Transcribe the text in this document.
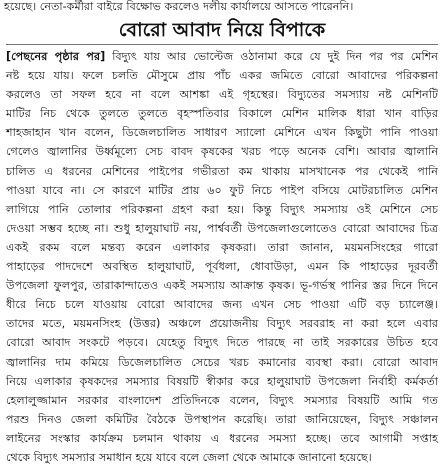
হয়েছে। নেতা-কর্মীরা বাইরে বিক্ষোভ করলেও দলীয় কার্যালয়ে আসতে পারেননি।
বোরো আবাদ নিয়ে বিপাকে
[পেছনের পৃষ্ঠার পর] বিদ্যুৎ যায় আর ভোল্টেজ ওঠানামা করে যে দুই দিন পর পর মেশিন
নষ্ট হয়ে যায়। ফলে চলতি মৌসুমে প্রায় পাঁচ একর জমিতে বোরো আবাদের পরিকল্পনা
করলেও তা সফল হবে না বলে আশঙ্কা এই গৃহস্থের। বিদ্যুতের সমস্যায় নষ্ট মেশিনটি
মাটির নিচ থেকে তুলতে তুলতে বৃহস্পতিবার বিকালে মেশিন মালিক ধারা খান বাড়ির
শাহজাহান খান বলেন, ডিজেলচালিত সাধারণ স্যালো মেশিনে এখন কিছুটা পানি পাওয়া
গেলেও জ্বালানির উর্ধ্বমূল্যে সেচ বাবদ কৃষকের খরচ পড়ে অনেক বেশি। আবার জ্বালানি
চালিত এ ধরনের মেশিনের পাইপের গভীরতা কম থাকায় মাসখানেক পর থেকেই পানি
পাওয়া যাবে না। সে কারণে মাটির প্রায় ৬০ ফুট নিচে পাইপ বসিয়ে মোটরচালিত মেশিন
লাগিয়ে পানি তোলার পরিকল্পনা গ্রহণ করা হয়। কিন্তু বিদ্যুৎ সমস্যায় ওই মেশিনে সেচ
দেওয়া সম্ভব হচ্ছে না। শুধু হালুয়াঘাট নয়, পার্শ্ববর্তী উপজেলাগুলোতেও বোরো আবাদের চিত্র
একই রকম বলে মন্তব্য করেন এলাকার কৃষকরা। তারা জানান, ময়মনসিংহের গারো
পাহাড়ের পাদদেশে অবস্থিত হালুয়াঘাট, পূর্বধলা, ধোবাউড়া, এমন কি পাহাড়ের দূরবর্তী
উপজেলা ফুলপুর, তারাকান্দাতেও একই সমস্যায় আক্রান্ত কৃষক। ভূ-গর্ভস্থ পানির স্তর দিনে দিনে
ধীরে নিচে চলে যাওয়ায় বোরো আবাদের জন্য এখন সেচ পাওয়া এটি বড় চ্যালেঞ্জ।
তাদের মতে, ময়মনসিংহ (উত্তর) অঞ্চলে প্রয়োজনীয় বিদ্যুৎ সরবরাহ না করা হলে এবার
বোরো আবাদ সংকটে পড়বে। যেহেতু বিদ্যুৎ দিতে পারছে না তাই সরকারের উচিত হবে
জ্বালানির দাম কমিয়ে ডিজেলচালিত সেচের খরচ কমানোর ব্যবস্থা করা। বোরো আবাদ
নিয়ে এলাকার কৃষকদের সমস্যার বিষয়টি স্বীকার করে হালুয়াঘাট উপজেলা নির্বাহী কর্মকর্তা
হেলালুজ্জামান সরকার বাংলাদেশ প্রতিদিনকে বলেন, বিদ্যুৎ সমস্যার বিষয়টি আমি গত
পরশু দিনও জেলা কমিটির বৈঠকে উপস্থাপন করেছি। তারা জানিয়েছেন, বিদ্যুৎ সঞ্চালন
লাইনের সংস্কার কার্যক্রম চলমান থাকায় এ ধরনের সমস্যা হচ্ছে। তবে আগামী সপ্তাহ
থেকে বিদ্যুৎ সমস্যার সমাধান হয়ে যাবে বলে জেলা থেকে আমাকে জানানো হয়েছে।
